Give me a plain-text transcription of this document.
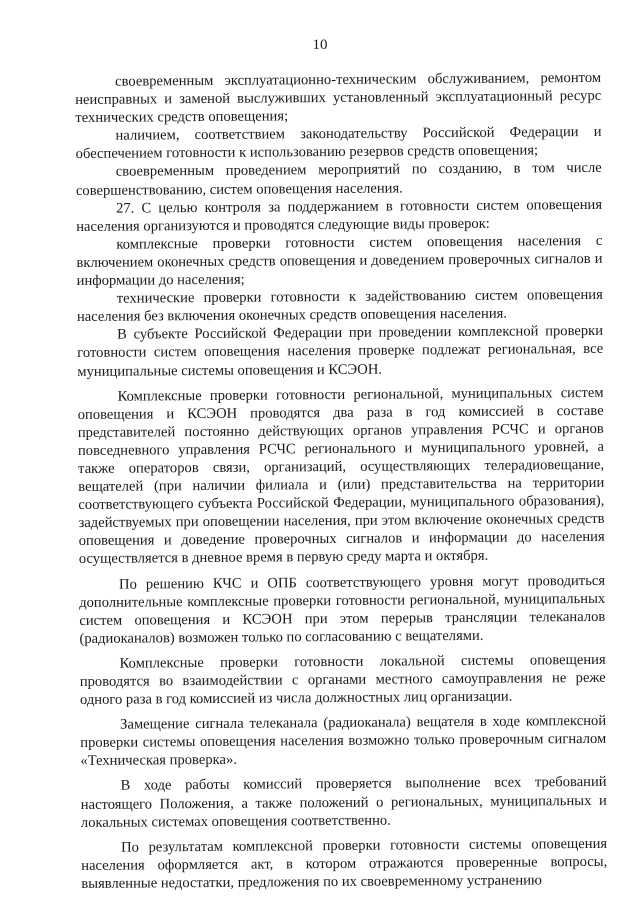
10

своевременным эксплуатационно-техническим обслуживанием, ремонтом неисправных и заменой выслуживших установленный эксплуатационный ресурс технических средств оповещения;

наличием, соответствием законодательству Российской Федерации и обеспечением готовности к использованию резервов средств оповещения;

своевременным проведением мероприятий по созданию, в том числе совершенствованию, систем оповещения населения.

27. С целью контроля за поддержанием в готовности систем оповещения населения организуются и проводятся следующие виды проверок:

комплексные проверки готовности систем оповещения населения с включением оконечных средств оповещения и доведением проверочных сигналов и информации до населения;

технические проверки готовности к задействованию систем оповещения населения без включения оконечных средств оповещения населения.

В субъекте Российской Федерации при проведении комплексной проверки готовности систем оповещения населения проверке подлежат региональная, все муниципальные системы оповещения и КСЭОН.

Комплексные проверки готовности региональной, муниципальных систем оповещения и КСЭОН проводятся два раза в год комиссией в составе представителей постоянно действующих органов управления РСЧС и органов повседневного управления РСЧС регионального и муниципального уровней, а также операторов связи, организаций, осуществляющих телерадиовещание, вещателей (при наличии филиала и (или) представительства на территории соответствующего субъекта Российской Федерации, муниципального образования), задействуемых при оповещении населения, при этом включение оконечных средств оповещения и доведение проверочных сигналов и информации до населения осуществляется в дневное время в первую среду марта и октября.

По решению КЧС и ОПБ соответствующего уровня могут проводиться дополнительные комплексные проверки готовности региональной, муниципальных систем оповещения и КСЭОН при этом перерыв трансляции телеканалов (радиоканалов) возможен только по согласованию с вещателями.

Комплексные проверки готовности локальной системы оповещения проводятся во взаимодействии с органами местного самоуправления не реже одного раза в год комиссией из числа должностных лиц организации.

Замещение сигнала телеканала (радиоканала) вещателя в ходе комплексной проверки системы оповещения населения возможно только проверочным сигналом «Техническая проверка».

В ходе работы комиссий проверяется выполнение всех требований настоящего Положения, а также положений о региональных, муниципальных и локальных системах оповещения соответственно.

По результатам комплексной проверки готовности системы оповещения населения оформляется акт, в котором отражаются проверенные вопросы, выявленные недостатки, предложения по их своевременному устранению
